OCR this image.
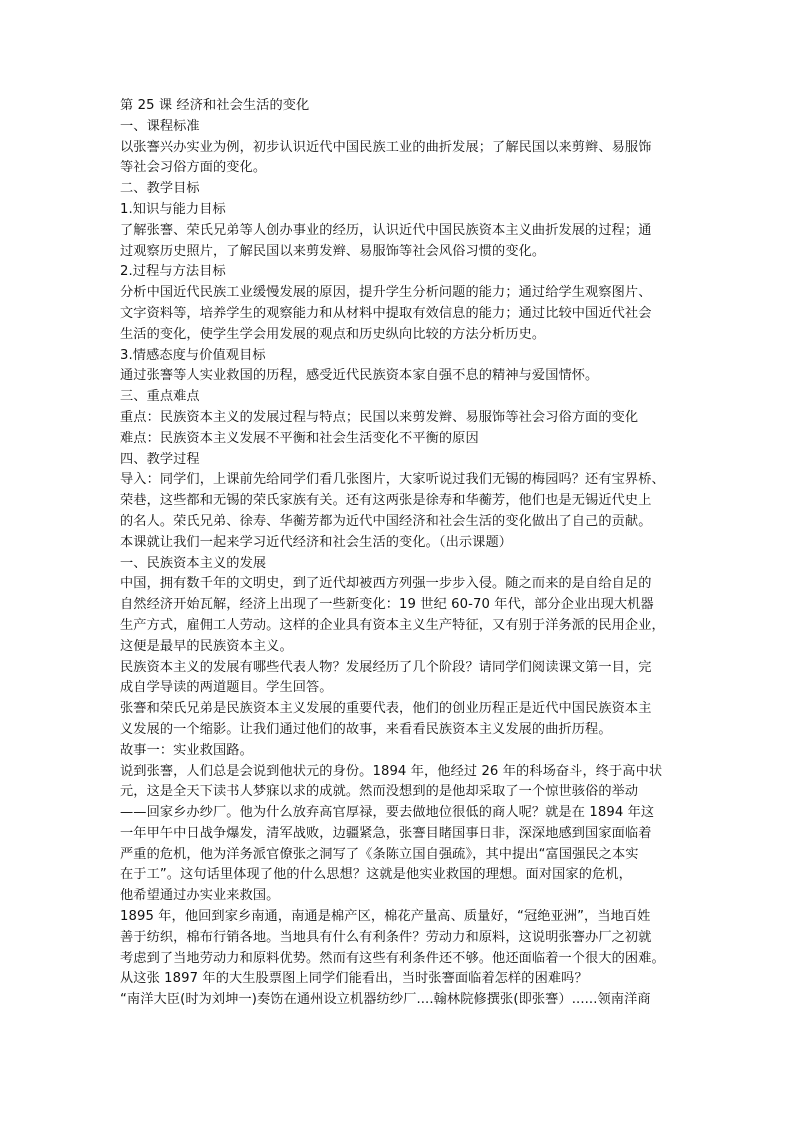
第 25 课 经济和社会生活的变化
一、课程标准
以张謇兴办实业为例，初步认识近代中国民族工业的曲折发展；了解民国以来剪辫、易服饰
等社会习俗方面的变化。
二、教学目标
1.知识与能力目标
了解张謇、荣氏兄弟等人创办事业的经历，认识近代中国民族资本主义曲折发展的过程；通
过观察历史照片，了解民国以来剪发辫、易服饰等社会风俗习惯的变化。
2.过程与方法目标
分析中国近代民族工业缓慢发展的原因，提升学生分析问题的能力；通过给学生观察图片、
文字资料等，培养学生的观察能力和从材料中提取有效信息的能力；通过比较中国近代社会
生活的变化，使学生学会用发展的观点和历史纵向比较的方法分析历史。
3.情感态度与价值观目标
通过张謇等人实业救国的历程，感受近代民族资本家自强不息的精神与爱国情怀。
三、重点难点
重点：民族资本主义的发展过程与特点；民国以来剪发辫、易服饰等社会习俗方面的变化
难点：民族资本主义发展不平衡和社会生活变化不平衡的原因
四、教学过程
导入：同学们，上课前先给同学们看几张图片，大家听说过我们无锡的梅园吗？还有宝界桥、
荣巷，这些都和无锡的荣氏家族有关。还有这两张是徐寿和华蘅芳，他们也是无锡近代史上
的名人。荣氏兄弟、徐寿、华蘅芳都为近代中国经济和社会生活的变化做出了自己的贡献。
本课就让我们一起来学习近代经济和社会生活的变化。（出示课题）
一、民族资本主义的发展
中国，拥有数千年的文明史，到了近代却被西方列强一步步入侵。随之而来的是自给自足的
自然经济开始瓦解，经济上出现了一些新变化：19 世纪 60-70 年代，部分企业出现大机器
生产方式，雇佣工人劳动。这样的企业具有资本主义生产特征，又有别于洋务派的民用企业，
这便是最早的民族资本主义。
民族资本主义的发展有哪些代表人物？发展经历了几个阶段？请同学们阅读课文第一目，完
成自学导读的两道题目。学生回答。
张謇和荣氏兄弟是民族资本主义发展的重要代表，他们的创业历程正是近代中国民族资本主
义发展的一个缩影。让我们通过他们的故事，来看看民族资本主义发展的曲折历程。
故事一：实业救国路。
说到张謇，人们总是会说到他状元的身份。1894 年，他经过 26 年的科场奋斗，终于高中状
元，这是全天下读书人梦寐以求的成就。然而没想到的是他却采取了一个惊世骇俗的举动
——回家乡办纱厂。他为什么放弃高官厚禄，要去做地位很低的商人呢？就是在 1894 年这
一年甲午中日战争爆发，清军战败，边疆紧急，张謇目睹国事日非，深深地感到国家面临着
严重的危机，他为洋务派官僚张之洞写了《条陈立国自强疏》，其中提出“富国强民之本实
在于工”。这句话里体现了他的什么思想？这就是他实业救国的理想。面对国家的危机，
他希望通过办实业来救国。
1895 年，他回到家乡南通，南通是棉产区，棉花产量高、质量好，“冠绝亚洲”，当地百姓
善于纺织，棉布行销各地。当地具有什么有利条件？劳动力和原料，这说明张謇办厂之初就
考虑到了当地劳动力和原料优势。然而有这些有利条件还不够。他还面临着一个很大的困难。
从这张 1897 年的大生股票图上同学们能看出，当时张謇面临着怎样的困难吗？
“南洋大臣(时为刘坤一)奏饬在通州设立机器纺纱厂....翰林院修撰张(即张謇）......领南洋商
